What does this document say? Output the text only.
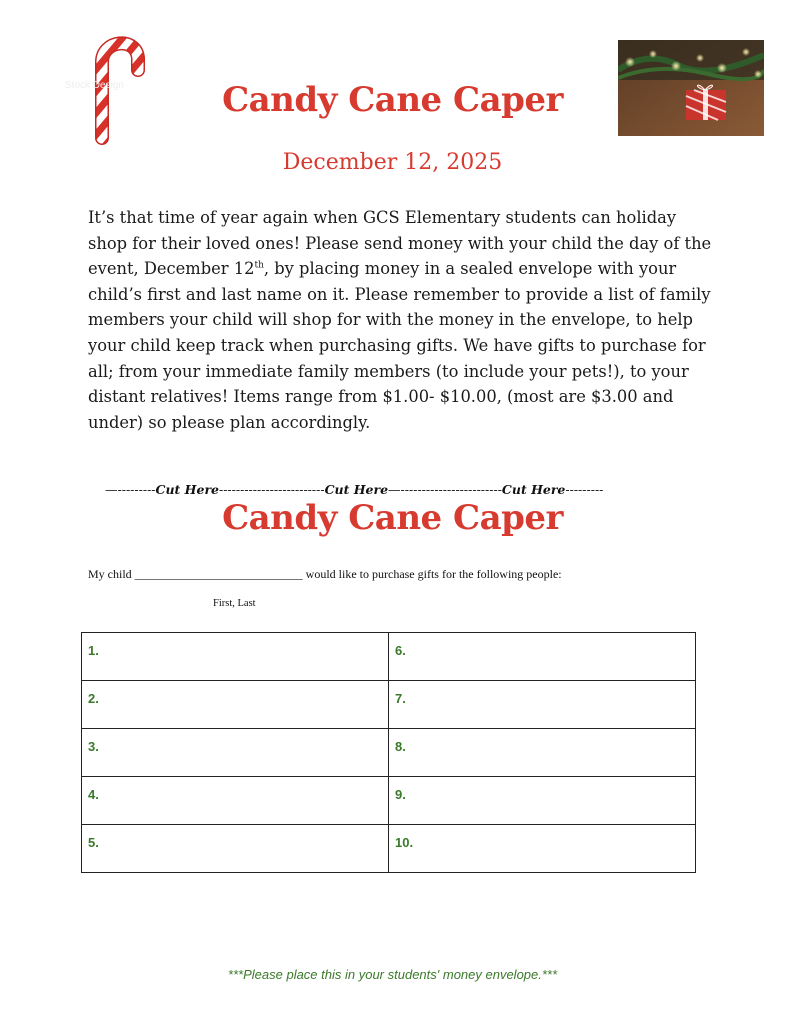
Stock Design	Candy Cane Caper
December 12, 2025
It’s that time of year again when GCS Elementary students can holiday shop for their loved ones! Please send money with your child the day of the event, December 12th, by placing money in a sealed envelope with your child’s first and last name on it. Please remember to provide a list of family members your child will shop for with the money in the envelope, to help your child keep track when purchasing gifts. We have gifts to purchase for all; from your immediate family members (to include your pets!), to your distant relatives! Items range from $1.00- $10.00, (most are $3.00 and under) so please plan accordingly.
—---------Cut Here-------------------------Cut Here—------------------------Cut Here---------
Candy Cane Caper
My child ____________________________ would like to purchase gifts for the following people:
First, Last
1.	6.
2.	7.
3.	8.
4.	9.
5.	10.
***Please place this in your students' money envelope.***
